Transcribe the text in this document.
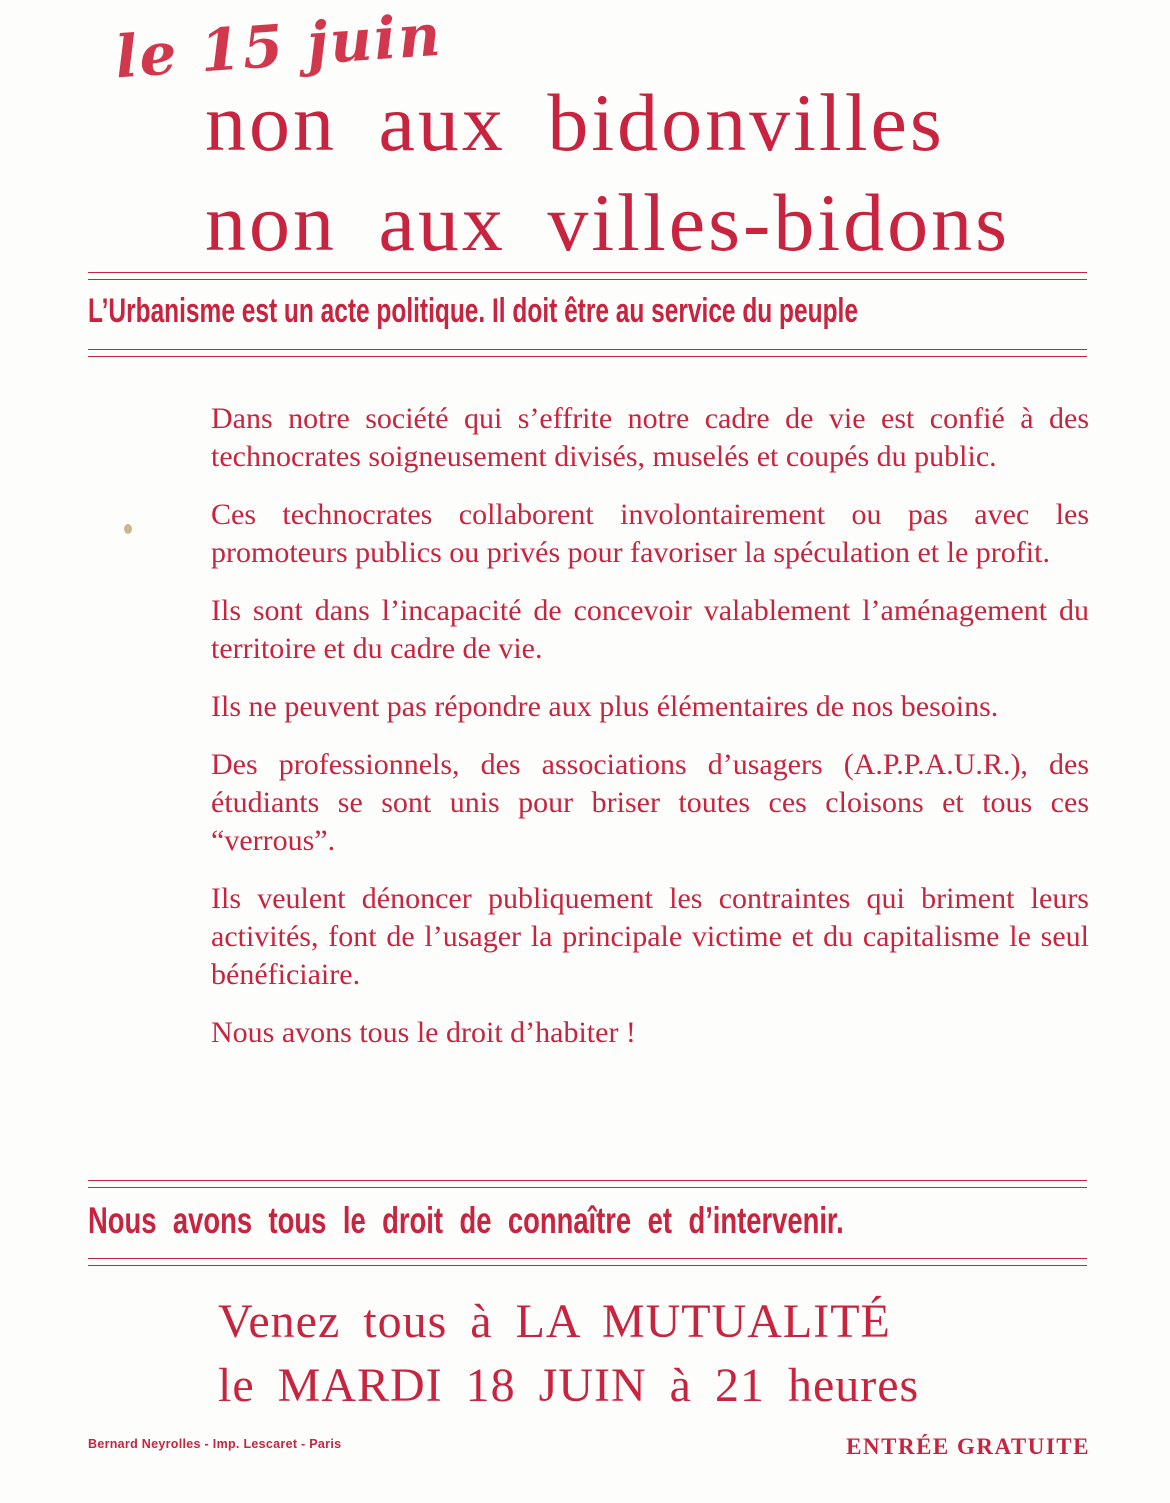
le 15 juin
non aux bidonvilles
non aux villes-bidons
L’Urbanisme est un acte politique. Il doit être au service du peuple

Dans notre société qui s’effrite notre cadre de vie est confié à des technocrates soigneusement divisés, muselés et coupés du public.

Ces technocrates collaborent involontairement ou pas avec les promoteurs publics ou privés pour favoriser la spéculation et le profit.

Ils sont dans l’incapacité de concevoir valablement l’aménagement du territoire et du cadre de vie.

Ils ne peuvent pas répondre aux plus élémentaires de nos besoins.

Des professionnels, des associations d’usagers (A.P.P.A.U.R.), des étudiants se sont unis pour briser toutes ces cloisons et tous ces “verrous”.

Ils veulent dénoncer publiquement les contraintes qui briment leurs activités, font de l’usager la principale victime et du capitalisme le seul bénéficiaire.

Nous avons tous le droit d’habiter !

Nous avons tous le droit de connaître et d’intervenir.
Venez tous à LA MUTUALITÉ
le MARDI 18 JUIN à 21 heures
Bernard Neyrolles - Imp. Lescaret - Paris	ENTRÉE GRATUITE
